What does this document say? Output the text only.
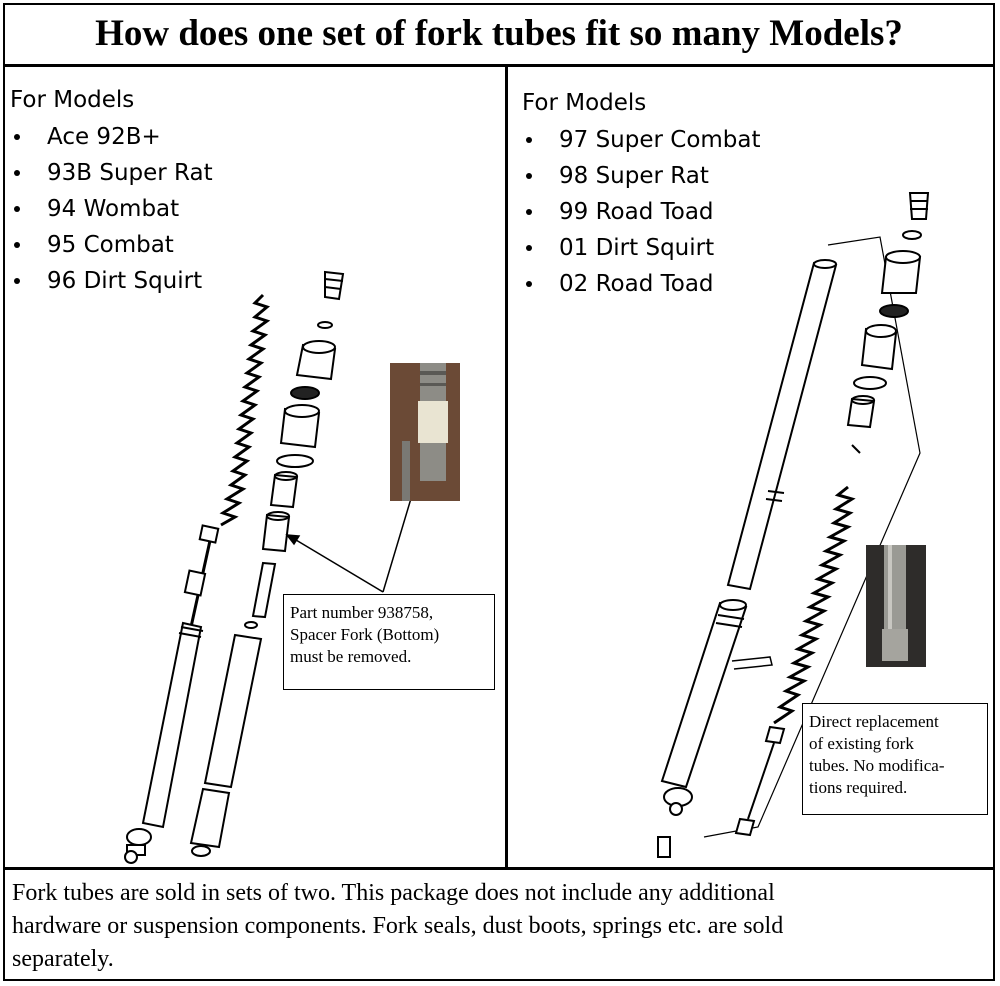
How does one set of fork tubes fit so many Models?
For Models
Ace 92B+
93B Super Rat
94 Wombat
95 Combat
96 Dirt Squirt
Part number 938758,
Spacer Fork (Bottom)
must be removed.
For Models
97 Super Combat
98 Super Rat
99 Road Toad
01 Dirt Squirt
02 Road Toad
Direct replacement
of existing fork
tubes. No modifica-
tions required.
Fork tubes are sold in sets of two. This package does not include any additional
hardware or suspension components. Fork seals, dust boots, springs etc. are sold
separately.
